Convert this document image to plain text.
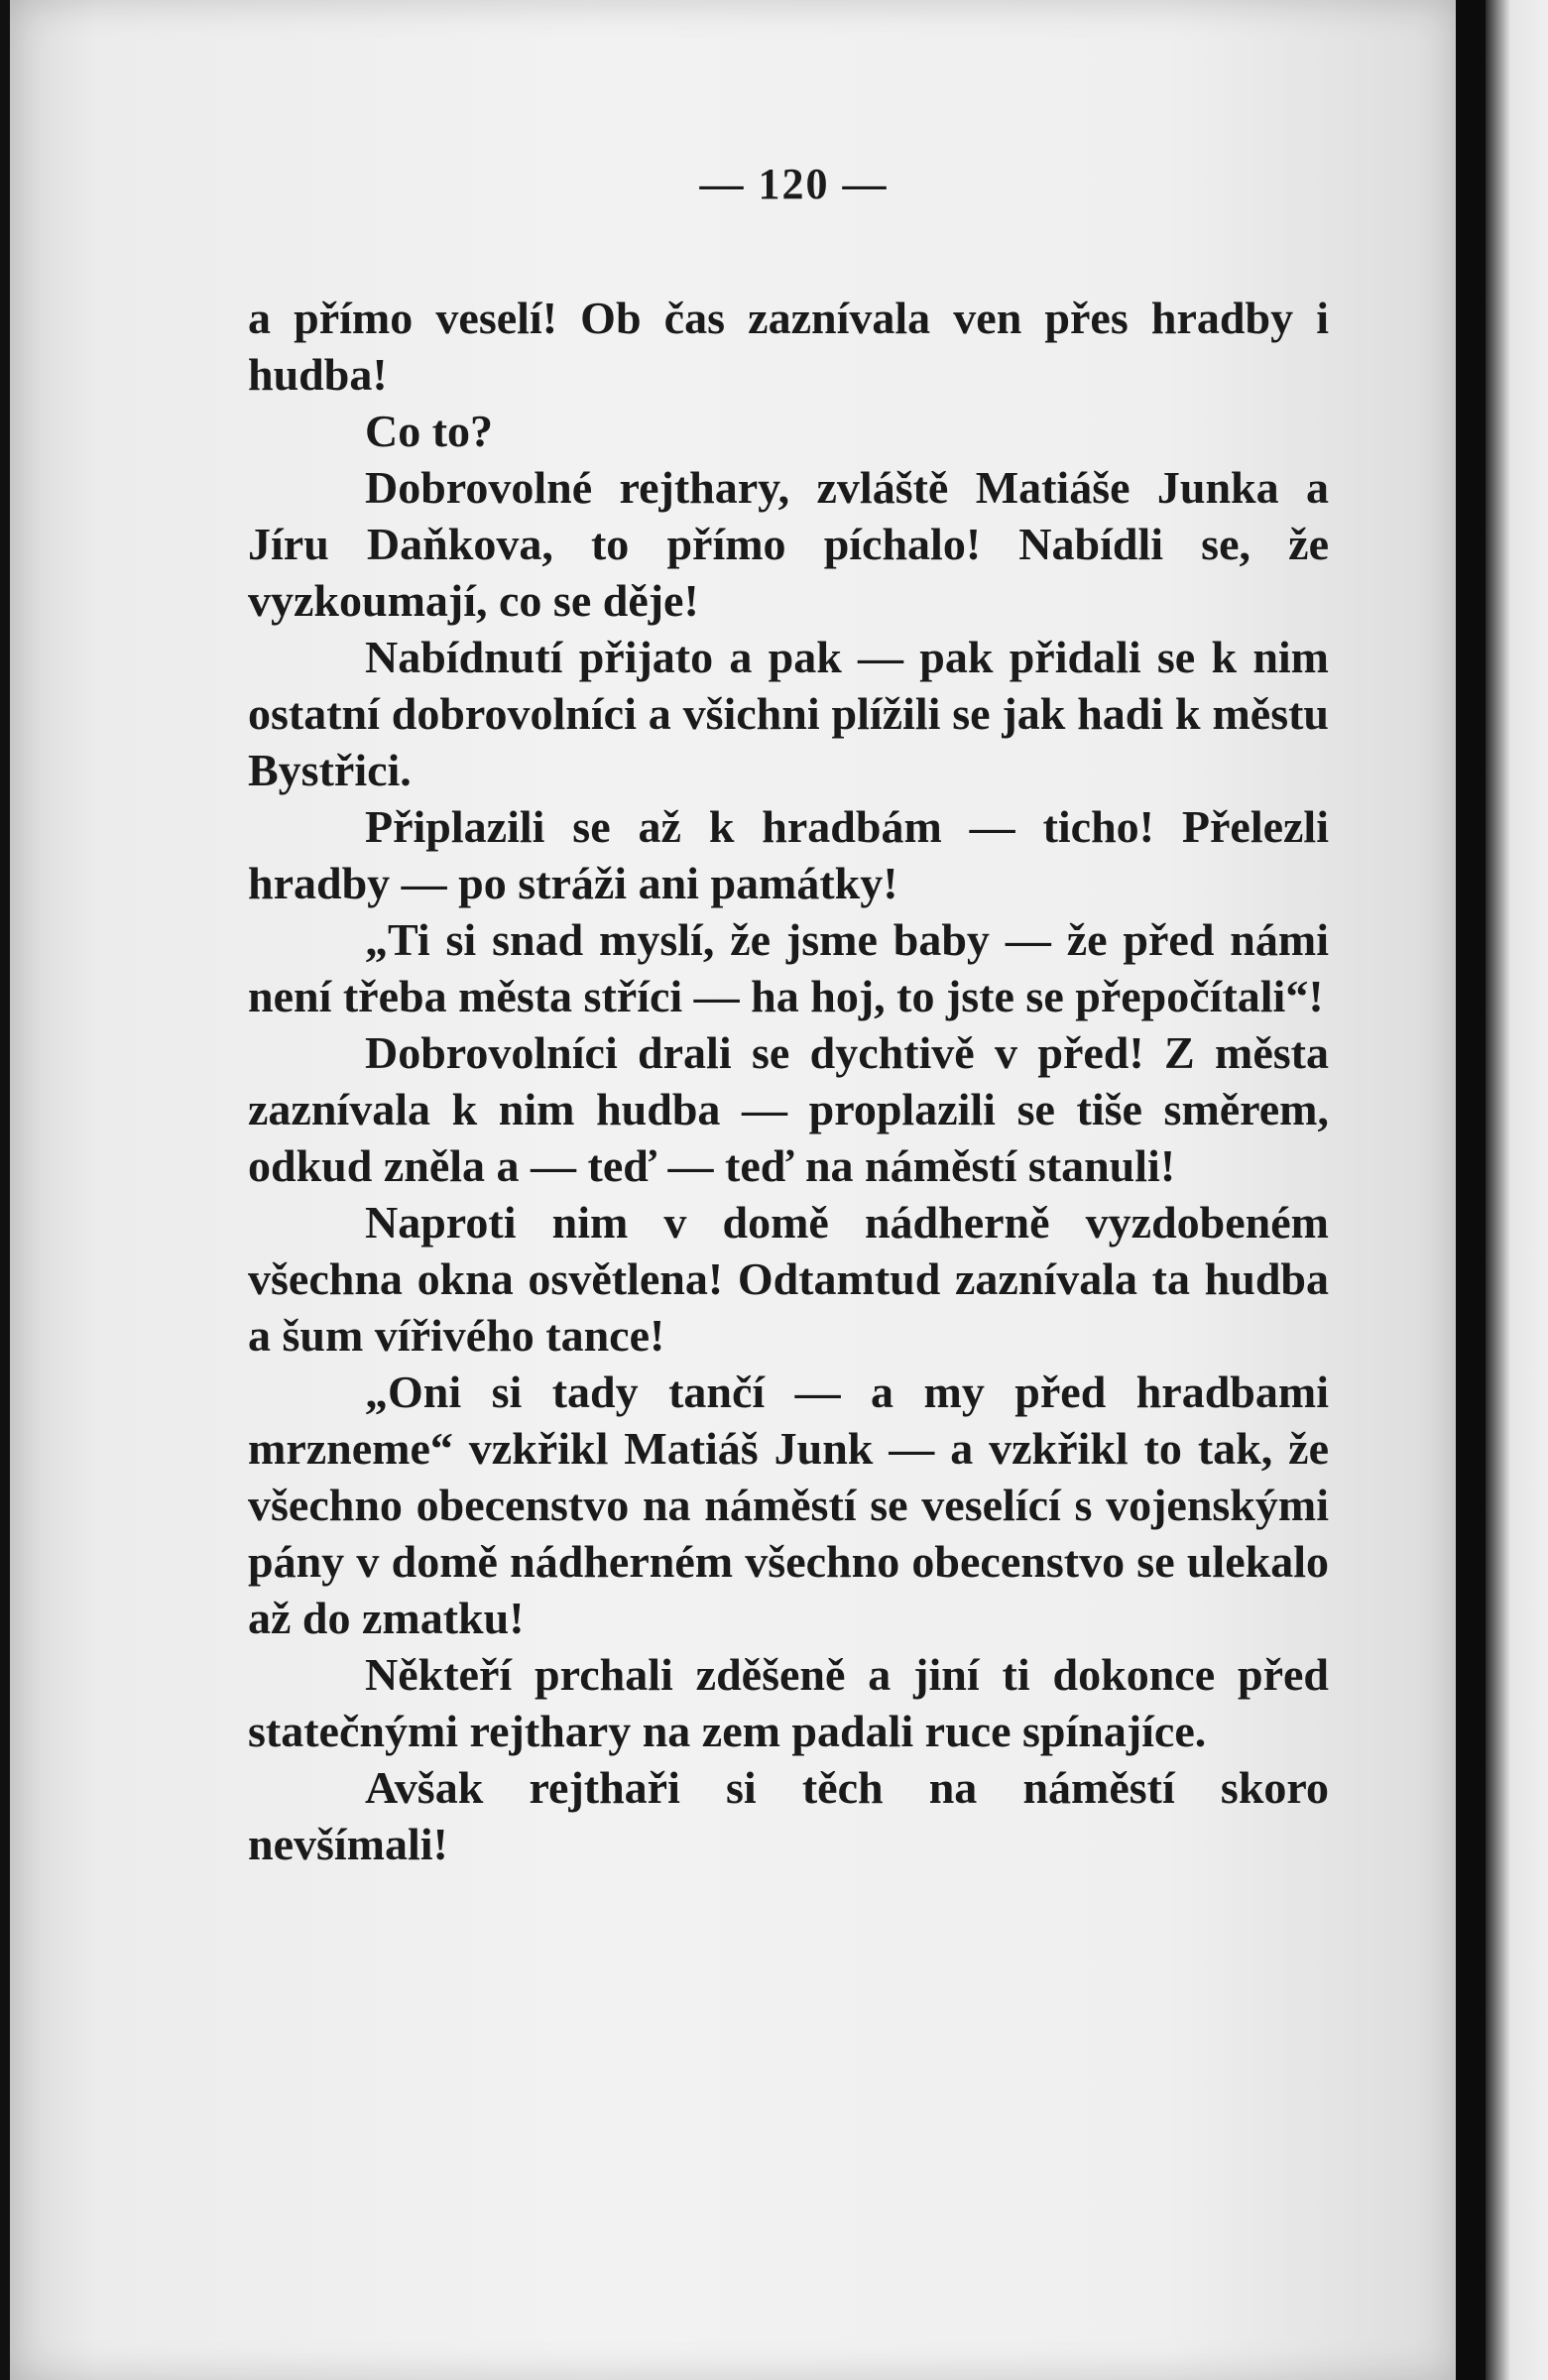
— 120 —

a přímo veselí! Ob čas zaznívala ven přes hradby i hudba!

Co to?

Dobrovolné rejthary, zvláště Matiáše Junka a Jíru Daňkova, to přímo píchalo! Nabídli se, že vyzkoumají, co se děje!

Nabídnutí přijato a pak — pak přidali se k nim ostatní dobrovolníci a všichni plížili se jak hadi k městu Bystřici.

Připlazili se až k hradbám — ticho! Přelezli hradby — po stráži ani památky!

„Ti si snad myslí, že jsme baby — že před námi není třeba města stříci — ha hoj, to jste se přepočítali“!

Dobrovolníci drali se dychtivě v před! Z města zaznívala k nim hudba — proplazili se tiše směrem, odkud zněla a — teď — teď na náměstí stanuli!

Naproti nim v domě nádherně vyzdobeném všechna okna osvětlena! Odtamtud zaznívala ta hudba a šum vířivého tance!

„Oni si tady tančí — a my před hradbami mrzneme“ vzkřikl Matiáš Junk — a vzkřikl to tak, že všechno obecenstvo na náměstí se veselící s vojenskými pány v domě nádherném všechno obecenstvo se ulekalo až do zmatku!

Někteří prchali zděšeně a jiní ti dokonce před statečnými rejthary na zem padali ruce spínajíce.

Avšak rejthaři si těch na náměstí skoro nevšímali!
